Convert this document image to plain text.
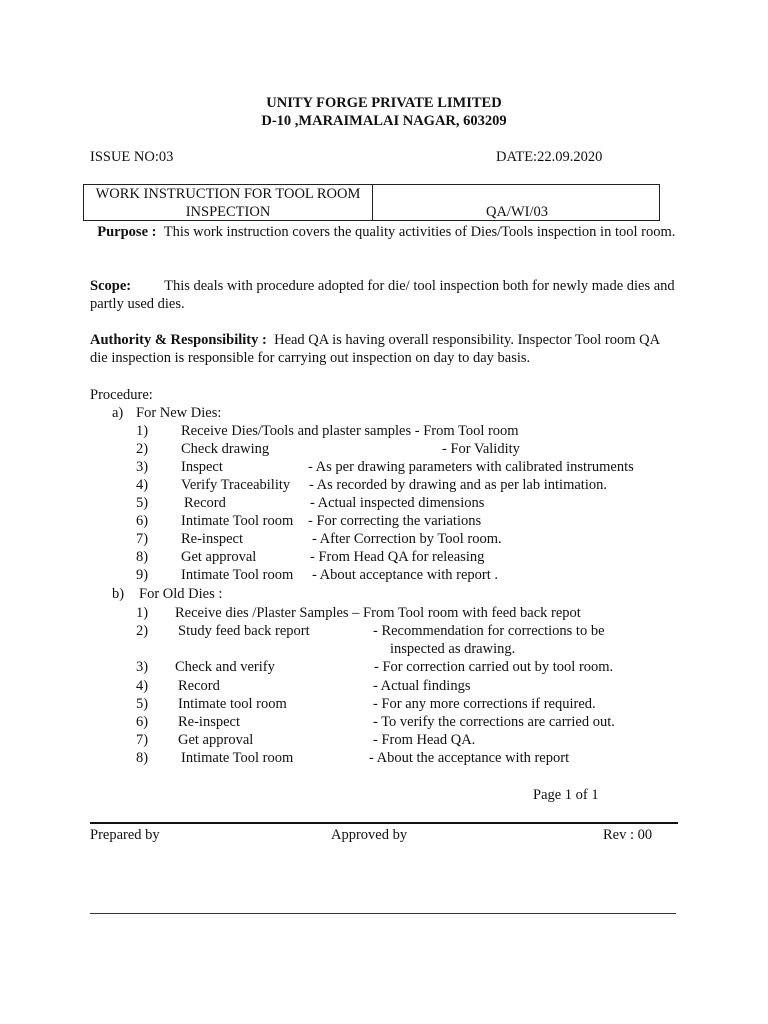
UNITY FORGE PRIVATE LIMITED
D-10 ,MARAIMALAI NAGAR, 603209
ISSUE NO:03	DATE:22.09.2020
WORK INSTRUCTION FOR TOOL ROOM
INSPECTION	QA/WI/03
Purpose : This work instruction covers the quality activities of Dies/Tools inspection in tool room.
Scope: This deals with procedure adopted for die/ tool inspection both for newly made dies and partly used dies.
Authority & Responsibility : Head QA is having overall responsibility. Inspector Tool room QA die inspection is responsible for carrying out inspection on day to day basis.
Procedure:
a) For New Dies:
1) Receive Dies/Tools and plaster samples - From Tool room
2) Check drawing	- For Validity
3) Inspect	- As per drawing parameters with calibrated instruments
4) Verify Traceability - As recorded by drawing and as per lab intimation.
5) Record	- Actual inspected dimensions
6) Intimate Tool room - For correcting the variations
7) Re-inspect	- After Correction by Tool room.
8) Get approval	- From Head QA for releasing
9) Intimate Tool room - About acceptance with report .
b) For Old Dies :
1) Receive dies /Plaster Samples – From Tool room with feed back repot
2) Study feed back report	- Recommendation for corrections to be
inspected as drawing.
3) Check and verify	- For correction carried out by tool room.
4) Record	- Actual findings
5) Intimate tool room	- For any more corrections if required.
6) Re-inspect	- To verify the corrections are carried out.
7) Get approval	- From Head QA.
8) Intimate Tool room	- About the acceptance with report
Page 1 of 1
Prepared by	Approved by	Rev : 00
